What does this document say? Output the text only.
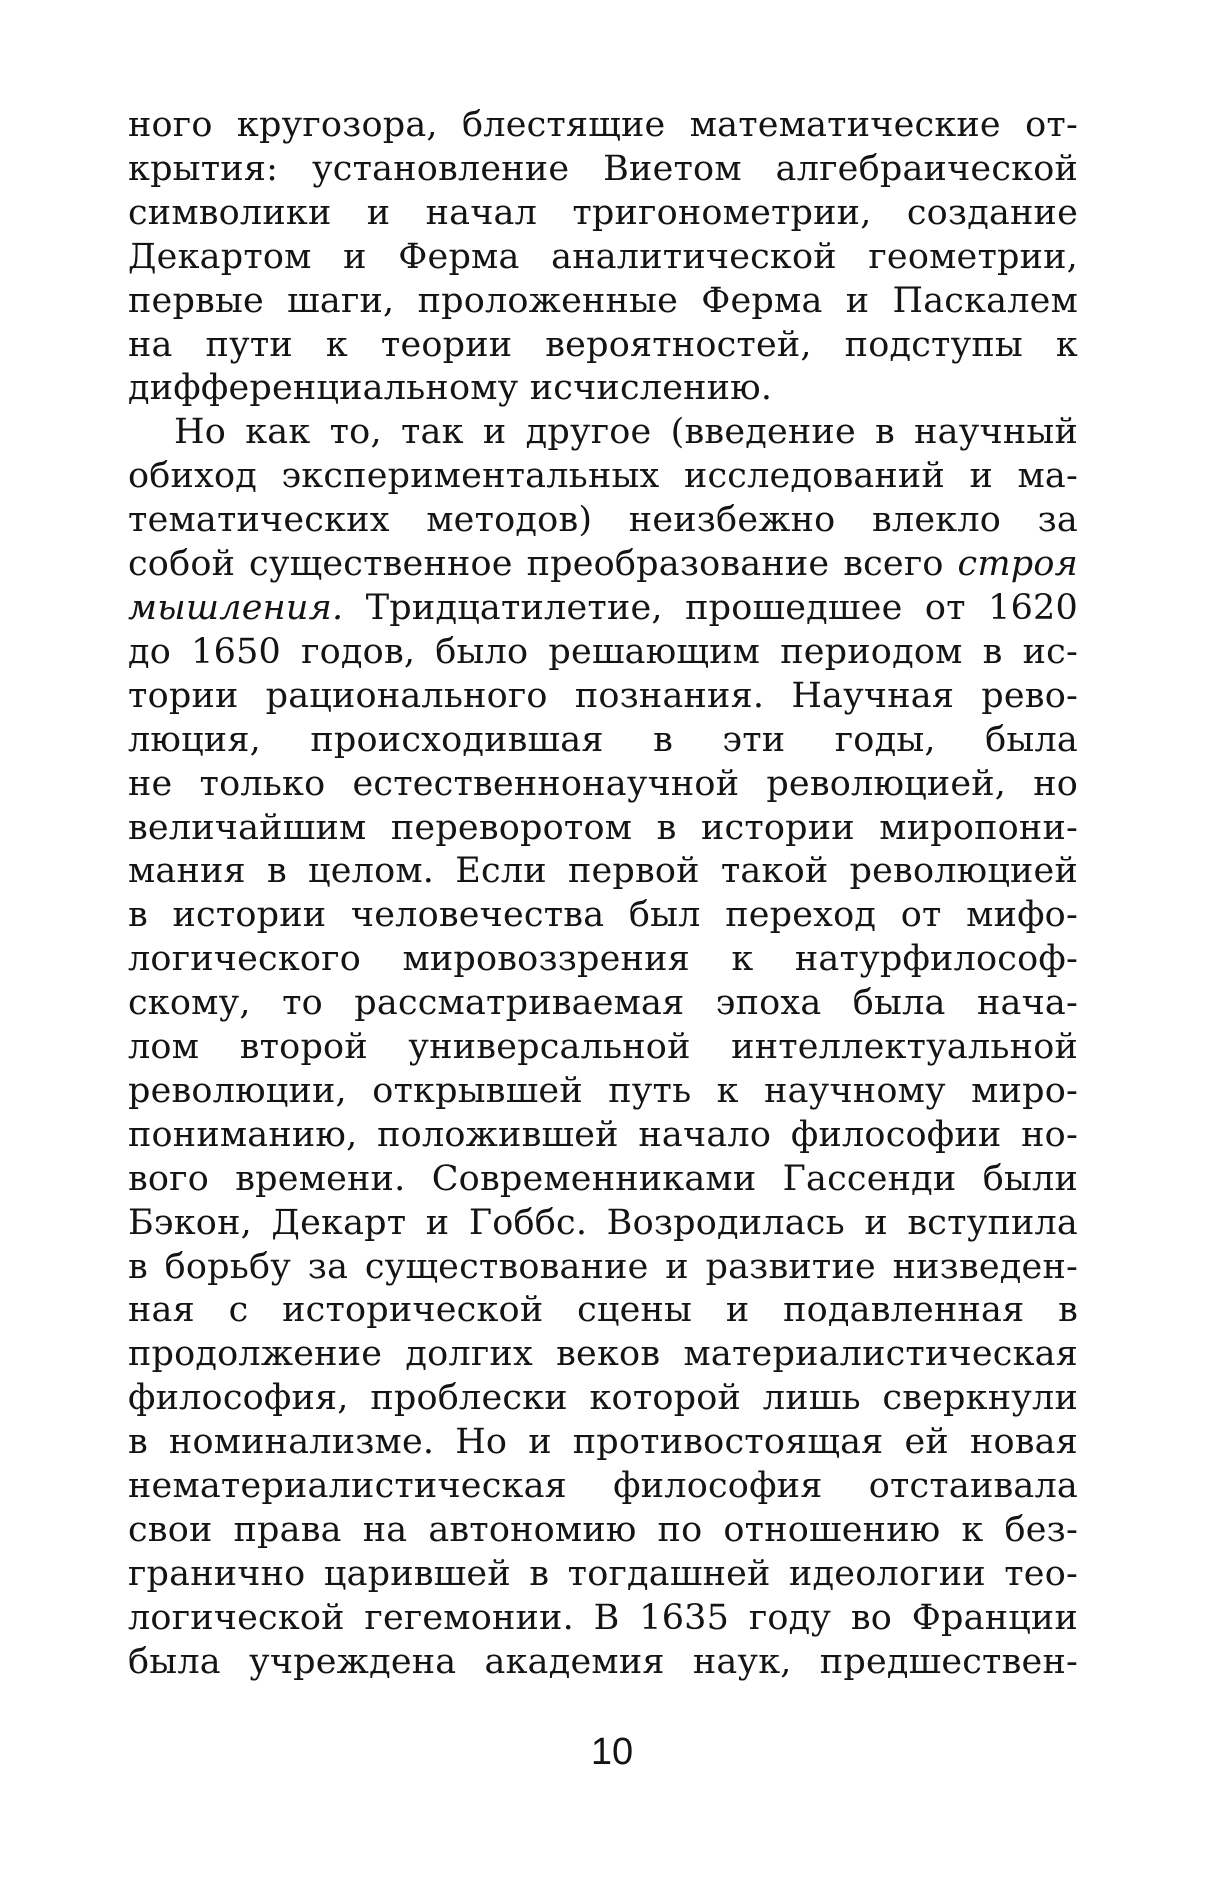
ного кругозора, блестящие математические от-
крытия: установление Виетом алгебраической
символики и начал тригонометрии, создание
Декартом и Ферма аналитической геометрии,
первые шаги, проложенные Ферма и Паскалем
на пути к теории вероятностей, подступы к
дифференциальному исчислению.
Но как то, так и другое (введение в научный
обиход экспериментальных исследований и ма-
тематических методов) неизбежно влекло за
собой существенное преобразование всего строя
мышления. Тридцатилетие, прошедшее от 1620
до 1650 годов, было решающим периодом в ис-
тории рационального познания. Научная рево-
люция, происходившая в эти годы, была
не только естественнонаучной революцией, но
величайшим переворотом в истории миропони-
мания в целом. Если первой такой революцией
в истории человечества был переход от мифо-
логического мировоззрения к натурфилософ-
скому, то рассматриваемая эпоха была нача-
лом второй универсальной интеллектуальной
революции, открывшей путь к научному миро-
пониманию, положившей начало философии но-
вого времени. Современниками Гассенди были
Бэкон, Декарт и Гоббс. Возродилась и вступила
в борьбу за существование и развитие низведен-
ная с исторической сцены и подавленная в
продолжение долгих веков материалистическая
философия, проблески которой лишь сверкнули
в номинализме. Но и противостоящая ей новая
нематериалистическая философия отстаивала
свои права на автономию по отношению к без-
гранично царившей в тогдашней идеологии тео-
логической гегемонии. В 1635 году во Франции
была учреждена академия наук, предшествен-
10
